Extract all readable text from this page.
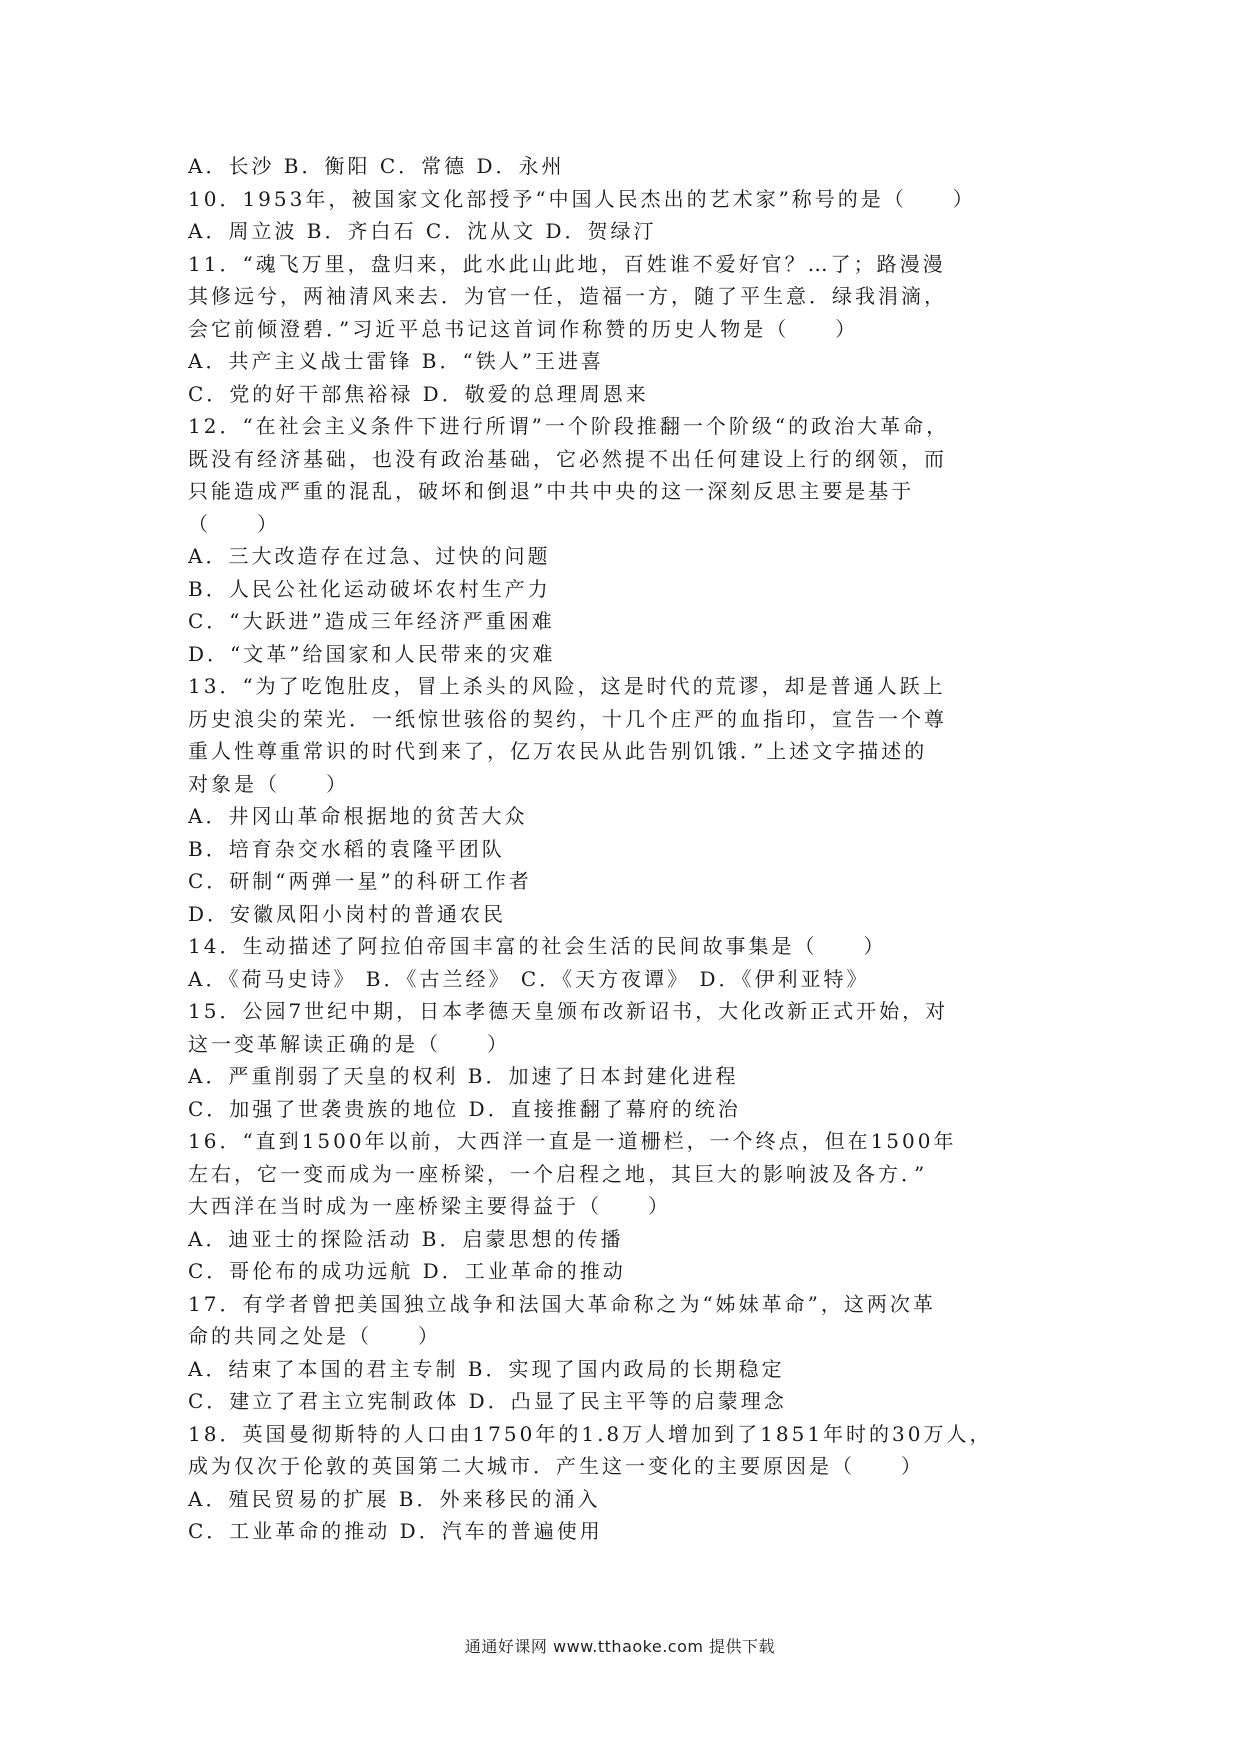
A．长沙 B．衡阳 C．常德 D．永州

10．1953年，被国家文化部授予“中国人民杰出的艺术家”称号的是（　　）

A．周立波 B．齐白石 C．沈从文 D．贺绿汀

11．“魂飞万里，盘归来，此水此山此地，百姓谁不爱好官？…了；路漫漫

其修远兮，两袖清风来去．为官一任，造福一方，随了平生意．绿我涓滴，

会它前倾澄碧．”习近平总书记这首词作称赞的历史人物是（　　）

A．共产主义战士雷锋 B．“铁人”王进喜

C．党的好干部焦裕禄 D．敬爱的总理周恩来

12．“在社会主义条件下进行所谓”一个阶段推翻一个阶级“的政治大革命，

既没有经济基础，也没有政治基础，它必然提不出任何建设上行的纲领，而

只能造成严重的混乱，破坏和倒退”中共中央的这一深刻反思主要是基于

（　　）

A．三大改造存在过急、过快的问题

B．人民公社化运动破坏农村生产力

C．“大跃进”造成三年经济严重困难

D．“文革”给国家和人民带来的灾难

13．“为了吃饱肚皮，冒上杀头的风险，这是时代的荒谬，却是普通人跃上

历史浪尖的荣光．一纸惊世骇俗的契约，十几个庄严的血指印，宣告一个尊

重人性尊重常识的时代到来了，亿万农民从此告别饥饿．”上述文字描述的

对象是（　　）

A．井冈山革命根据地的贫苦大众

B．培育杂交水稻的袁隆平团队

C．研制“两弹一星”的科研工作者

D．安徽凤阳小岗村的普通农民

14．生动描述了阿拉伯帝国丰富的社会生活的民间故事集是（　　）

A．《荷马史诗》 B．《古兰经》 C．《天方夜谭》 D．《伊利亚特》

15．公园7世纪中期，日本孝德天皇颁布改新诏书，大化改新正式开始，对

这一变革解读正确的是（　　）

A．严重削弱了天皇的权利 B．加速了日本封建化进程

C．加强了世袭贵族的地位 D．直接推翻了幕府的统治

16．“直到1500年以前，大西洋一直是一道栅栏，一个终点，但在1500年

左右，它一变而成为一座桥梁，一个启程之地，其巨大的影响波及各方．”

大西洋在当时成为一座桥梁主要得益于（　　）

A．迪亚士的探险活动 B．启蒙思想的传播

C．哥伦布的成功远航 D．工业革命的推动

17．有学者曾把美国独立战争和法国大革命称之为“姊妹革命”，这两次革

命的共同之处是（　　）

A．结束了本国的君主专制 B．实现了国内政局的长期稳定

C．建立了君主立宪制政体 D．凸显了民主平等的启蒙理念

18．英国曼彻斯特的人口由1750年的1.8万人增加到了1851年时的30万人，

成为仅次于伦敦的英国第二大城市．产生这一变化的主要原因是（　　）

A．殖民贸易的扩展 B．外来移民的涌入

C．工业革命的推动 D．汽车的普遍使用

通通好课网 www.tthaoke.com 提供下载
